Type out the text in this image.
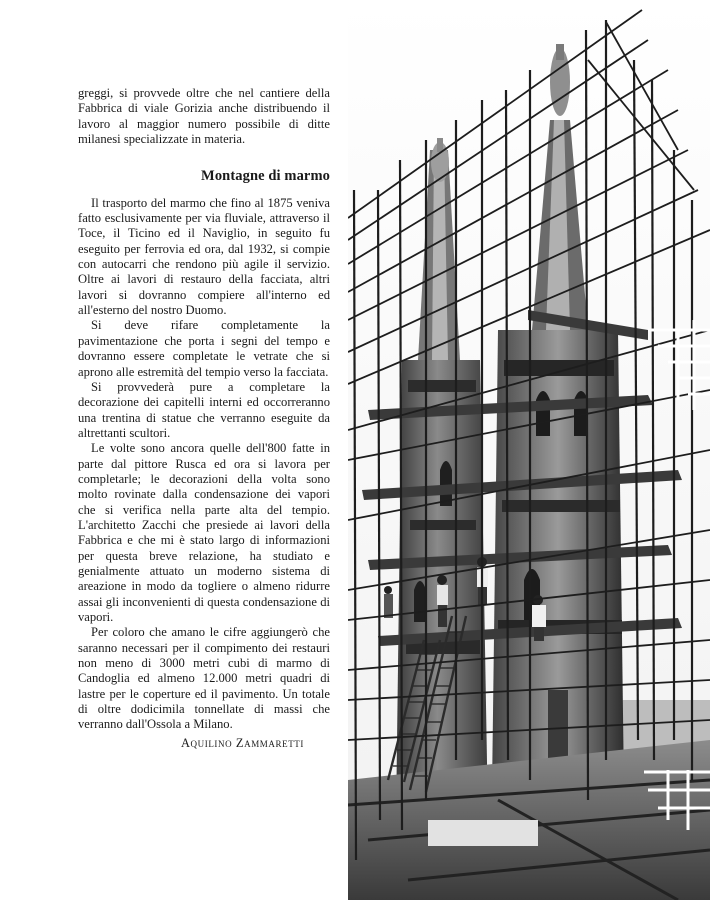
greggi, si provvede oltre che nel cantiere della Fabbrica di viale Gorizia anche distribuendo il lavoro al maggior numero possibile di ditte milanesi specializzate in materia.

Montagne di marmo

Il trasporto del marmo che fino al 1875 veniva fatto esclusivamente per via fluviale, attraverso il Toce, il Ticino ed il Naviglio, in seguito fu eseguito per ferrovia ed ora, dal 1932, si compie con autocarri che rendono più agile il servizio. Oltre ai lavori di restauro della facciata, altri lavori si dovranno compiere all'interno ed all'esterno del nostro Duomo.

Si deve rifare completamente la pavimentazione che porta i segni del tempo e dovranno essere completate le vetrate che si aprono alle estremità del tempio verso la facciata.

Si provvederà pure a completare la decorazione dei capitelli interni ed occorreranno una trentina di statue che verranno eseguite da altrettanti scultori.

Le volte sono ancora quelle dell'800 fatte in parte dal pittore Rusca ed ora si lavora per completarle; le decorazioni della volta sono molto rovinate dalla condensazione dei vapori che si verifica nella parte alta del tempio. L'architetto Zacchi che presiede ai lavori della Fabbrica e che mi è stato largo di informazioni per questa breve relazione, ha studiato e genialmente attuato un moderno sistema di areazione in modo da togliere o almeno ridurre assai gli inconvenienti di questa condensazione di vapori.

Per coloro che amano le cifre aggiungerò che saranno necessari per il compimento dei restauri non meno di 3000 metri cubi di marmo di Candoglia ed almeno 12.000 metri quadri di lastre per le coperture ed il pavimento. Un totale di oltre dodicimila tonnellate di massi che verranno dall'Ossola a Milano.

Aquilino Zammaretti
